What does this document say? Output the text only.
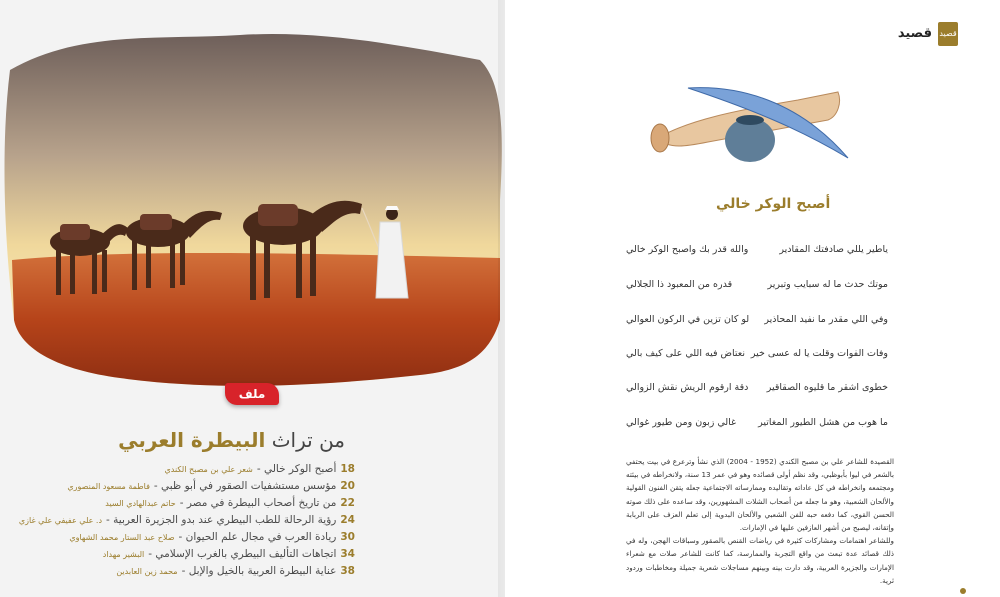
ملف
من تراث البيطرة العربي
18أصبح الوكر خالي -شعر علي بن مصبح الكندي
20مؤسس مستشفيات الصقور في أبو ظبي -فاطمة مسعود المنصوري
22من تاريخ أصحاب البيطرة في مصر -حاتم عبدالهادي السيد
24رؤية الرحالة للطب البيطري عند بدو الجزيرة العربية -د. علي عفيفي علي غازي
30ريادة العرب في مجال علم الحيوان -صلاح عبد الستار محمد الشهاوي
34اتجاهات التأليف البيطري بالغرب الإسلامي -البشير مهداد
38عناية البيطرة العربية بالخيل والإبل -محمد زين العابدين
قصيد
قصيد
أصبح الوكر خالي
ياطير يللي صادفتك المقادير
والله قدر بك واصبح الوكر خالي
موتك حدث ما له سبايب وتبرير
قدره من المعبود ذا الجلالي
وفي اللي مقدر ما نفيد المحاذير
لو كان تزين في الركون العوالي
وفات الفوات وقلت يا له عسى خير
نعتاض فيه اللي على كيف بالي
خطوى اشقر ما قليوه الصقاقير
دقة ارقوم الريش نقش الزوالي
ما هوب من هشل الطيور المغاتير
غالي زبون ومن طيور غوالي
القصيدة للشاعر علي بن مصبح الكندي (1952 - 2004) الذي نشأ وترعرع في بيت يحتفي بالشعر في ليوا بأبوظبي، وقد نظم أولى قصائده وهو في عمر 13 سنة، ولانخراطه في بيئته ومجتمعه وانخراطه في كل عاداته وتقاليده وممارساته الاجتماعية جعله يتقن الفنون القولية والألحان الشعبية، وهو ما جعله من أصحاب الشلات المشهورين، وقد ساعده على ذلك صوته الحسن القوي، كما دفعه حبه للفن الشعبي والألحان البدوية إلى تعلم العزف على الربابة وإتقانه، ليصبح من أشهر العازفين عليها في الإمارات.
وللشاعر اهتمامات ومشاركات كثيرة في رياضات القنص بالصقور وسباقات الهجن، وله في ذلك قصائد عدة تبعث من واقع التجربة والممارسة، كما كانت للشاعر صلات مع شعراء الإمارات والجزيرة العربية، وقد دارت بينه وبينهم مساجلات شعرية جميلة ومخاطبات وردود ثرية.
